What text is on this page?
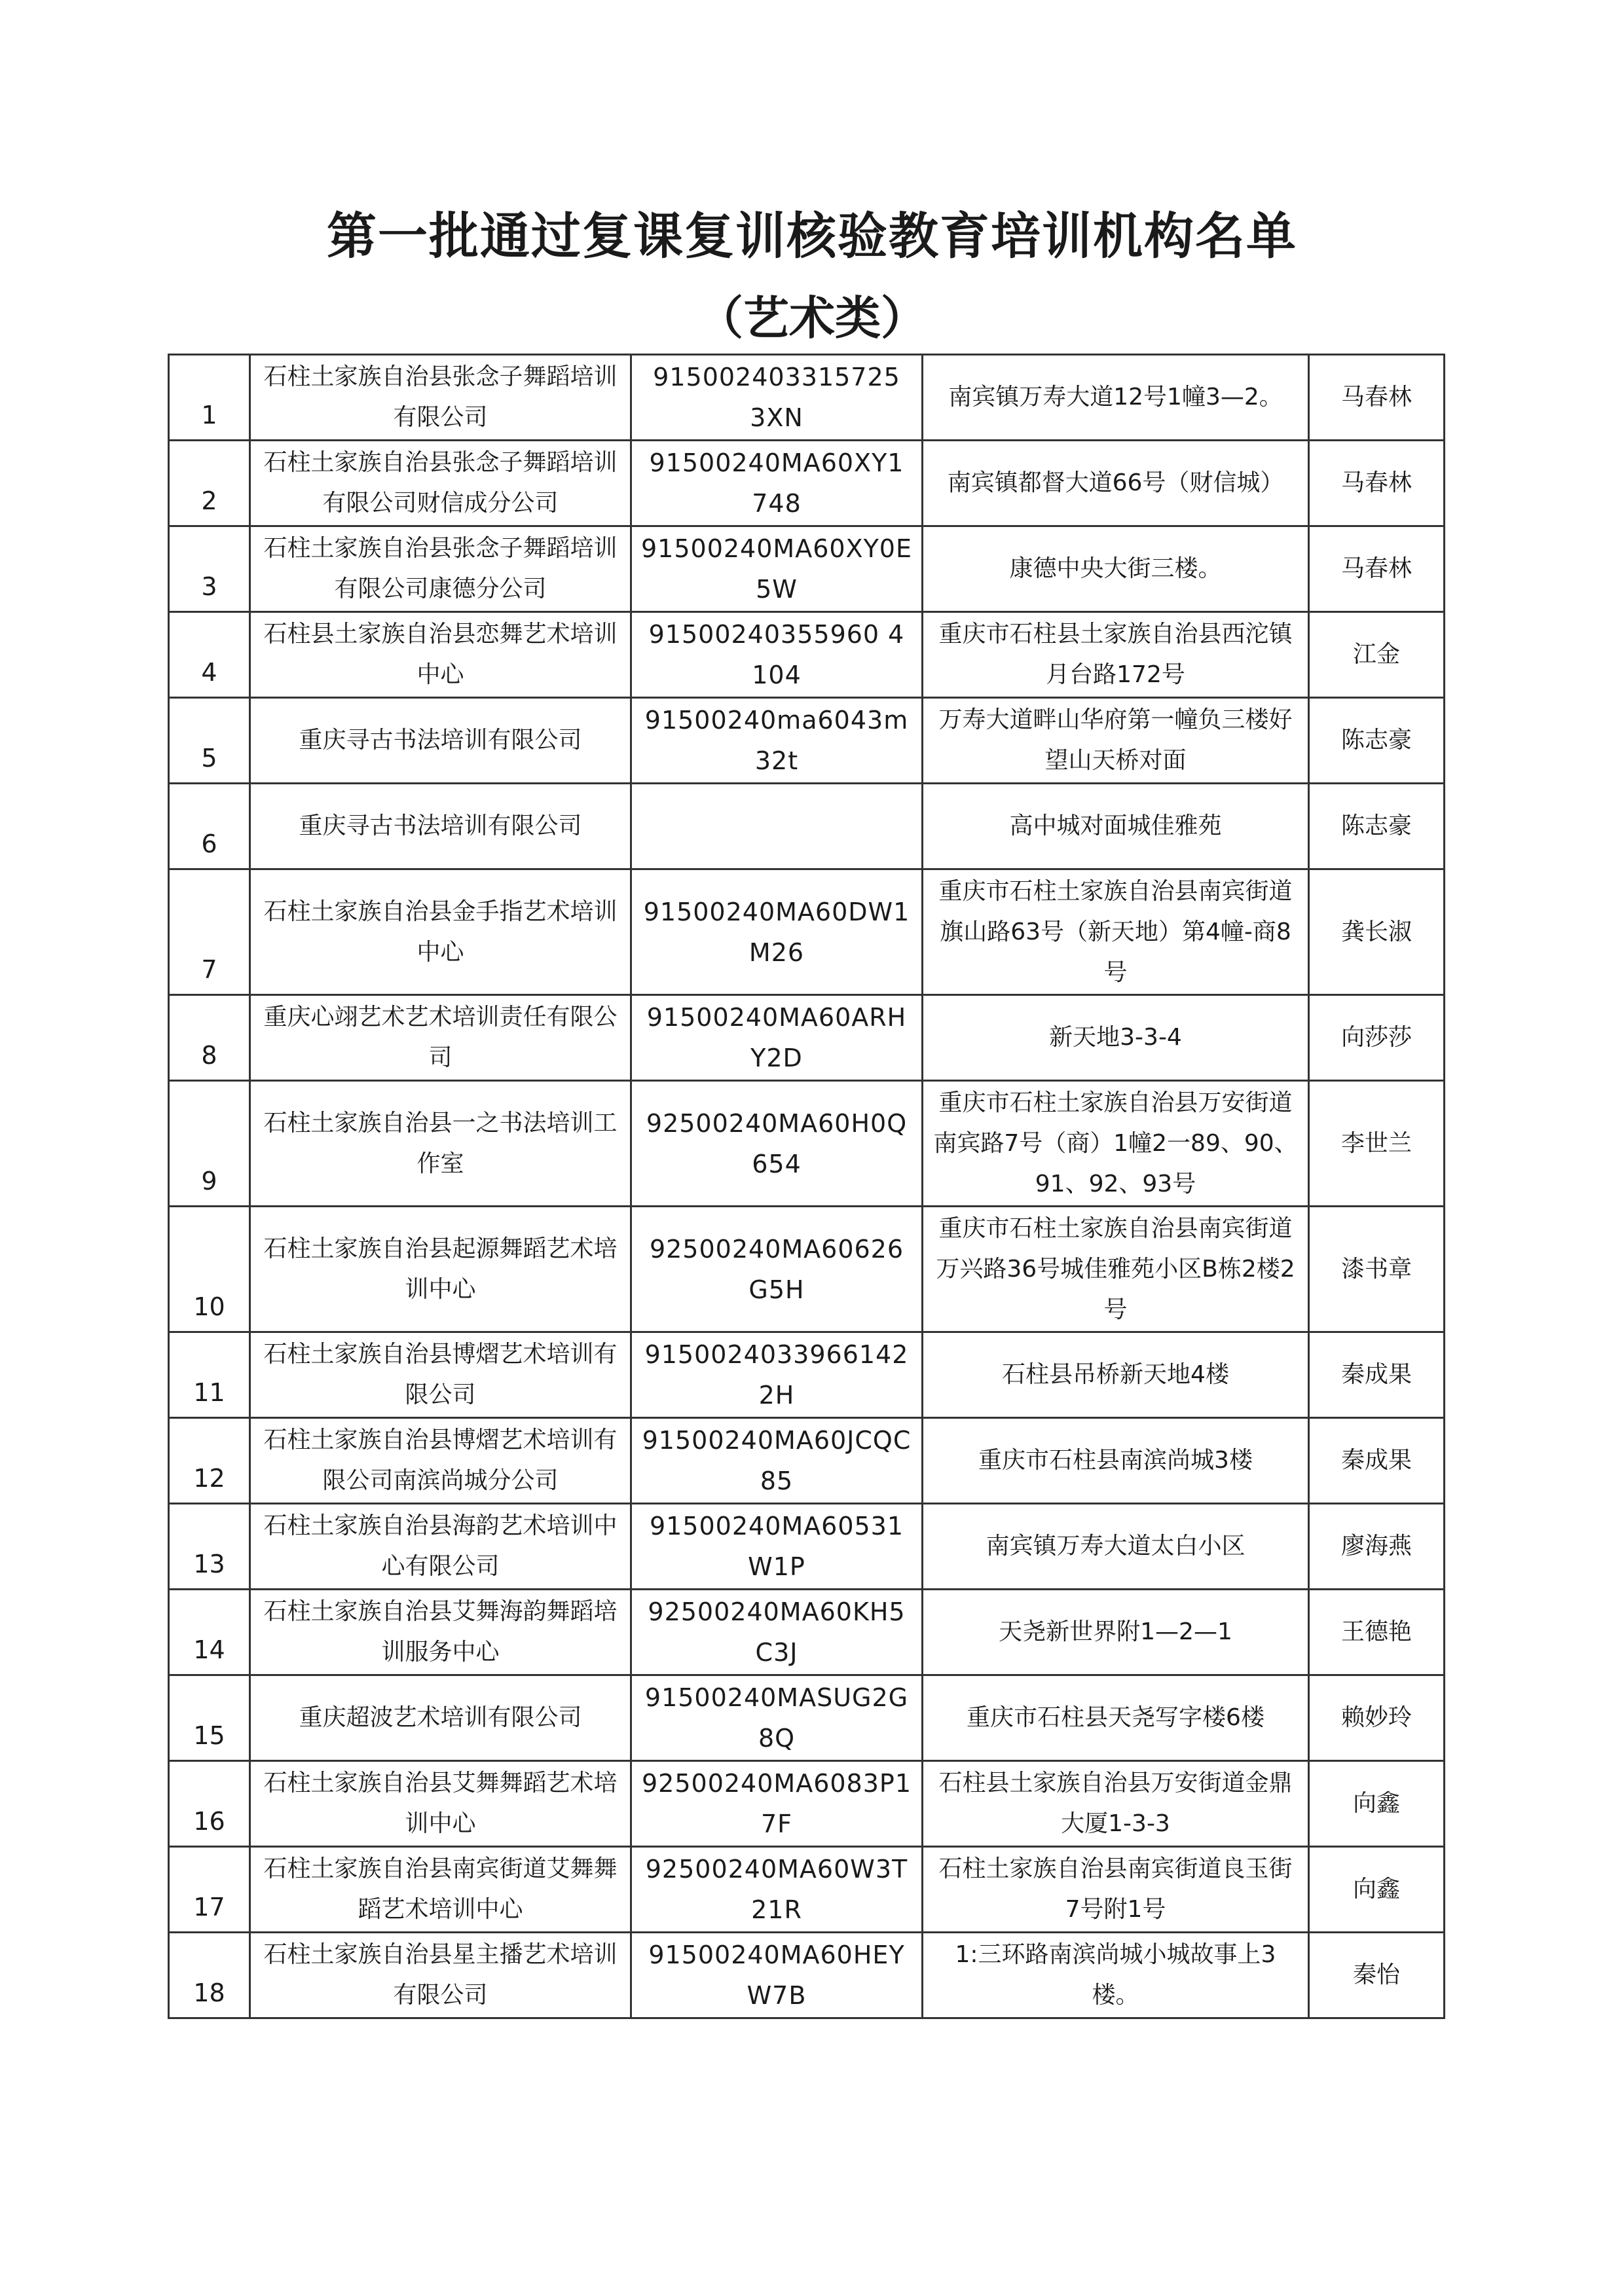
第一批通过复课复训核验教育培训机构名单
（艺术类）
1	石柱土家族自治县张念子舞蹈培训有限公司	915002403315725 3XN	南宾镇万寿大道12号1幢3—2。	马春林
2	石柱土家族自治县张念子舞蹈培训有限公司财信成分公司	91500240MA60XY1748	南宾镇都督大道66号（财信城）	马春林
3	石柱土家族自治县张念子舞蹈培训有限公司康德分公司	91500240MA60XY0E5W	康德中央大街三楼。	马春林
4	石柱县土家族自治县恋舞艺术培训中心	91500240355960 4104	重庆市石柱县土家族自治县西沱镇月台路172号	江金
5	重庆寻古书法培训有限公司	91500240ma6043m32t	万寿大道畔山华府第一幢负三楼好望山天桥对面	陈志豪
6	重庆寻古书法培训有限公司		高中城对面城佳雅苑	陈志豪
7	石柱土家族自治县金手指艺术培训中心	91500240MA60DW1M26	重庆市石柱土家族自治县南宾街道旗山路63号（新天地）第4幢-商8号	龚长淑
8	重庆心翊艺术艺术培训责任有限公司	91500240MA60ARHY2D	新天地3-3-4	向莎莎
9	石柱土家族自治县一之书法培训工作室	92500240MA60H0Q654	重庆市石柱土家族自治县万安街道南宾路7号（商）1幢2一89、90、91、92、93号	李世兰
10	石柱土家族自治县起源舞蹈艺术培训中心	92500240MA60626G5H	重庆市石柱土家族自治县南宾街道万兴路36号城佳雅苑小区B栋2楼2号	漆书章
11	石柱土家族自治县博熠艺术培训有限公司	91500240339661422H	石柱县吊桥新天地4楼	秦成果
12	石柱土家族自治县博熠艺术培训有限公司南滨尚城分公司	91500240MA60JCQC85	重庆市石柱县南滨尚城3楼	秦成果
13	石柱土家族自治县海韵艺术培训中心有限公司	91500240MA60531W1P	南宾镇万寿大道太白小区	廖海燕
14	石柱土家族自治县艾舞海韵舞蹈培训服务中心	92500240MA60KH5C3J	天尧新世界附1—2—1	王德艳
15	重庆超波艺术培训有限公司	91500240MASUG2G8Q	重庆市石柱县天尧写字楼6楼	赖妙玲
16	石柱土家族自治县艾舞舞蹈艺术培训中心	92500240MA6083P17F	石柱县土家族自治县万安街道金鼎大厦1-3-3	向鑫
17	石柱土家族自治县南宾街道艾舞舞蹈艺术培训中心	92500240MA60W3T21R	石柱土家族自治县南宾街道良玉街7号附1号	向鑫
18	石柱土家族自治县星主播艺术培训有限公司	91500240MA60HEYW7B	1:三环路南滨尚城小城故事上3楼。	秦怡
